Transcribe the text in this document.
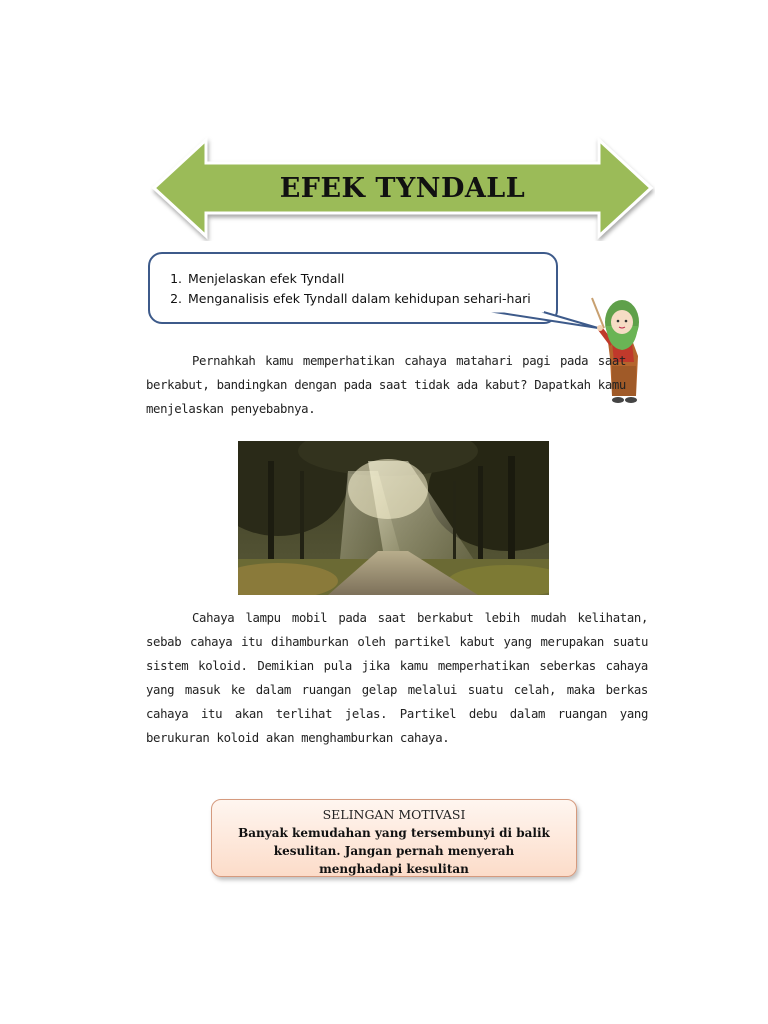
EFEK TYNDALL
1. Menjelaskan efek Tyndall
2. Menganalisis efek Tyndall dalam kehidupan sehari-hari

Pernahkah kamu memperhatikan cahaya matahari pagi pada saat berkabut, bandingkan dengan pada saat tidak ada kabut? Dapatkah kamu menjelaskan penyebabnya.

Cahaya lampu mobil pada saat berkabut lebih mudah kelihatan, sebab cahaya itu dihamburkan oleh partikel kabut yang merupakan suatu sistem koloid. Demikian pula jika kamu memperhatikan seberkas cahaya yang masuk ke dalam ruangan gelap melalui suatu celah, maka berkas cahaya itu akan terlihat jelas. Partikel debu dalam ruangan yang berukuran koloid akan menghamburkan cahaya.

SELINGAN MOTIVASI
Banyak kemudahan yang tersembunyi di balik kesulitan. Jangan pernah menyerah menghadapi kesulitan
